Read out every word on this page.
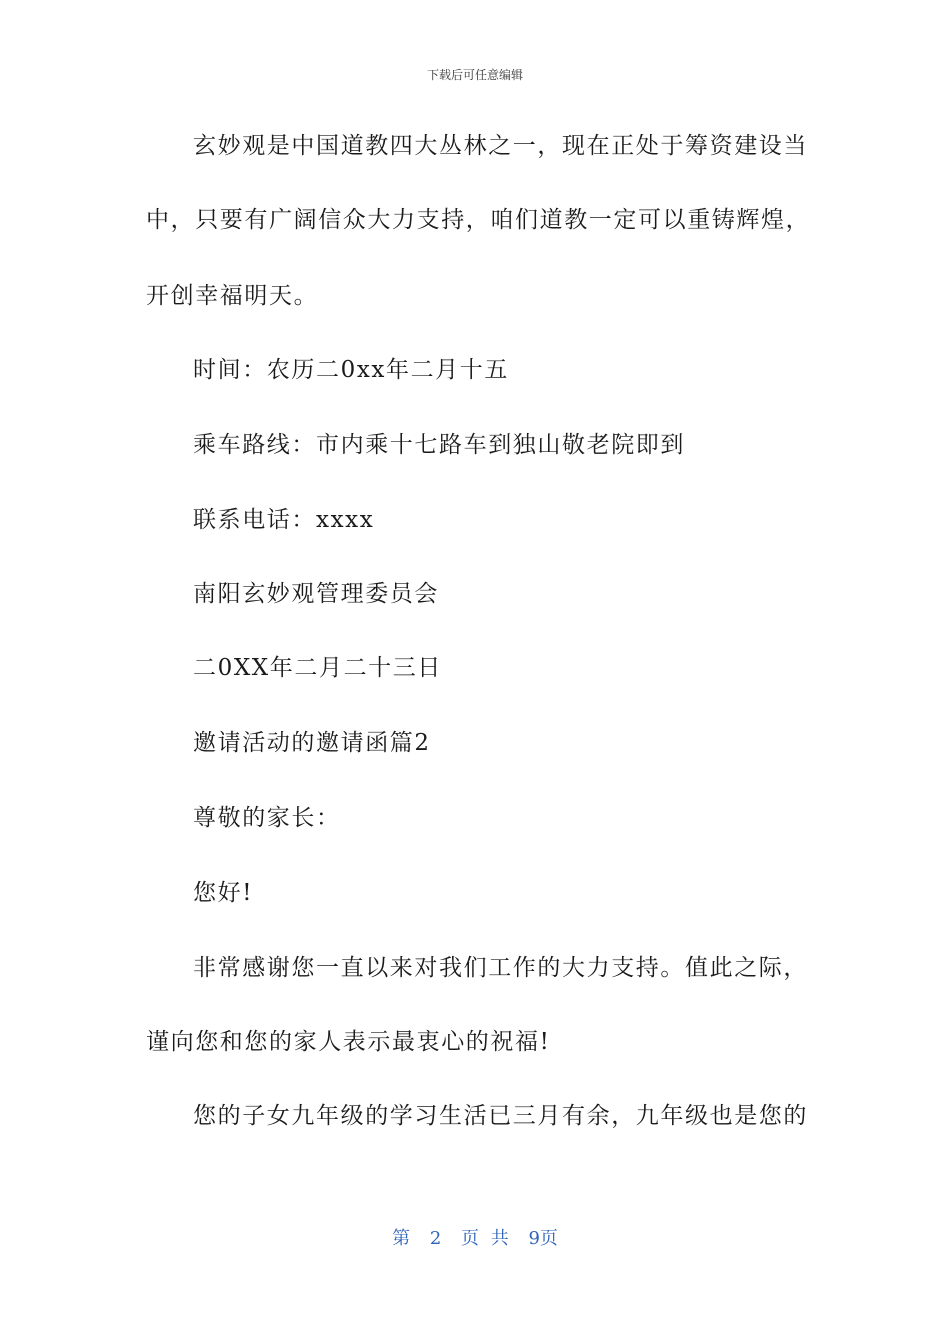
下载后可任意编辑
玄妙观是中国道教四大丛林之一，现在正处于筹资建设当
中，只要有广阔信众大力支持，咱们道教一定可以重铸辉煌，
开创幸福明天。
时间：农历二0xx年二月十五
乘车路线：市内乘十七路车到独山敬老院即到
联系电话：xxxx
南阳玄妙观管理委员会
二0XX年二月二十三日
邀请活动的邀请函篇2
尊敬的家长：
您好!
非常感谢您一直以来对我们工作的大力支持。值此之际，
谨向您和您的家人表示最衷心的祝福!
您的子女九年级的学习生活已三月有余，九年级也是您的
第 2 页 共 9页
